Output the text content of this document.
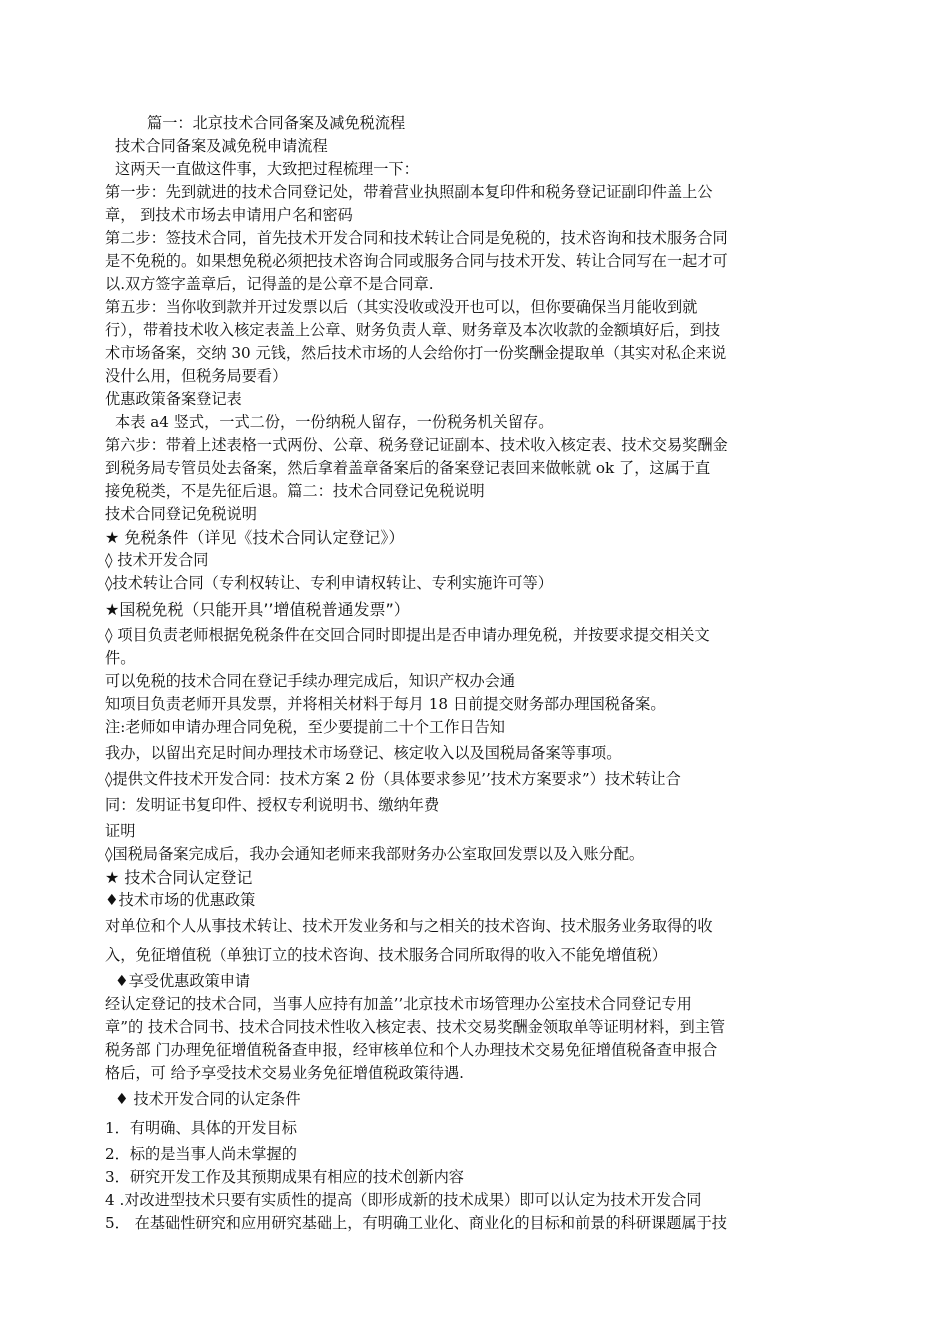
篇一：北京技术合同备案及减免税流程
技术合同备案及减免税申请流程
这两天一直做这件事，大致把过程梳理一下：
第一步：先到就进的技术合同登记处，带着营业执照副本复印件和税务登记证副印件盖上公
章， 到技术市场去申请用户名和密码
第二步：签技术合同，首先技术开发合同和技术转让合同是免税的，技术咨询和技术服务合同
是不免税的。如果想免税必须把技术咨询合同或服务合同与技术开发、转让合同写在一起才可
以.双方签字盖章后，记得盖的是公章不是合同章.
第五步：当你收到款并开过发票以后（其实没收或没开也可以，但你要确保当月能收到就
行），带着技术收入核定表盖上公章、财务负责人章、财务章及本次收款的金额填好后，到技
术市场备案，交纳 30 元钱，然后技术市场的人会给你打一份奖酬金提取单（其实对私企来说
没什么用，但税务局要看）
优惠政策备案登记表
本表 a4 竖式，一式二份，一份纳税人留存，一份税务机关留存。
第六步：带着上述表格一式两份、公章、税务登记证副本、技术收入核定表、技术交易奖酬金
到税务局专管员处去备案，然后拿着盖章备案后的备案登记表回来做帐就 ok 了，这属于直
接免税类，不是先征后退。篇二：技术合同登记免税说明
技术合同登记免税说明
★ 免税条件（详见《技术合同认定登记》）
◊ 技术开发合同
◊技术转让合同（专利权转让、专利申请权转让、专利实施许可等）
★国税免税（只能开具’’增值税普通发票”）
◊ 项目负责老师根据免税条件在交回合同时即提出是否申请办理免税，并按要求提交相关文
件。
可以免税的技术合同在登记手续办理完成后，知识产权办会通
知项目负责老师开具发票，并将相关材料于每月 18 日前提交财务部办理国税备案。
注:老师如申请办理合同免税，至少要提前二十个工作日告知
我办，以留出充足时间办理技术市场登记、核定收入以及国税局备案等事项。
◊提供文件技术开发合同：技术方案 2 份（具体要求参见’’技术方案要求”）技术转让合
同：发明证书复印件、授权专利说明书、缴纳年费
证明
◊国税局备案完成后，我办会通知老师来我部财务办公室取回发票以及入账分配。
★ 技术合同认定登记
♦技术市场的优惠政策
对单位和个人从事技术转让、技术开发业务和与之相关的技术咨询、技术服务业务取得的收
入，免征增值税（单独订立的技术咨询、技术服务合同所取得的收入不能免增值税）
♦享受优惠政策申请
经认定登记的技术合同，当事人应持有加盖’’北京技术市场管理办公室技术合同登记专用
章”的 技术合同书、技术合同技术性收入核定表、技术交易奖酬金领取单等证明材料，到主管
税务部 门办理免征增值税备查申报，经审核单位和个人办理技术交易免征增值税备查申报合
格后，可 给予享受技术交易业务免征增值税政策待遇.
♦ 技术开发合同的认定条件
1．有明确、具体的开发目标
2．标的是当事人尚未掌握的
3．研究开发工作及其预期成果有相应的技术创新内容
4 .对改进型技术只要有实质性的提高（即形成新的技术成果）即可以认定为技术开发合同
5． 在基础性研究和应用研究基础上，有明确工业化、商业化的目标和前景的科研课题属于技
